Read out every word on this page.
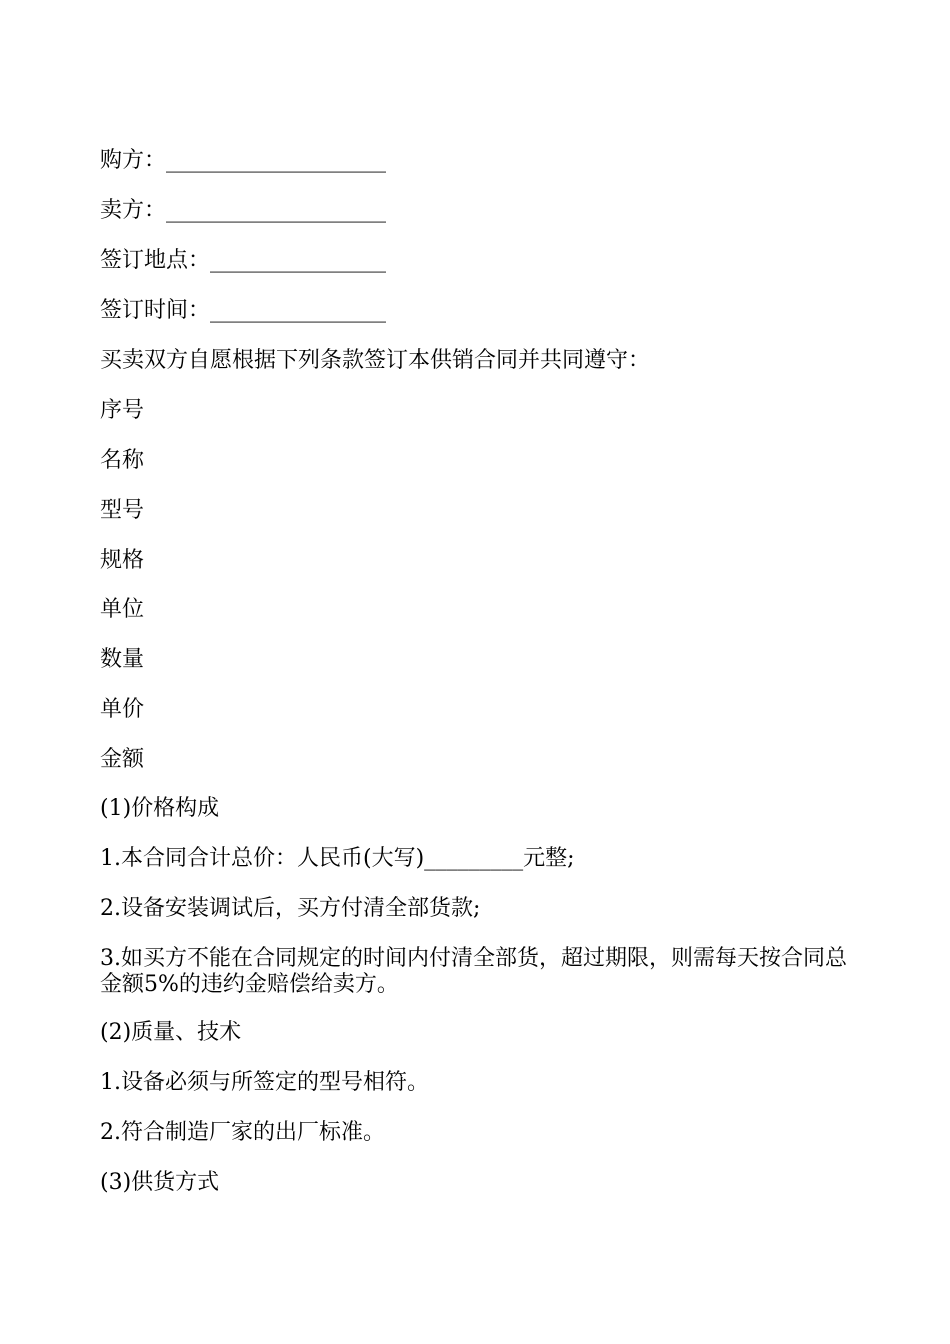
购方：____________________

卖方：____________________

签订地点：________________

签订时间：________________

买卖双方自愿根据下列条款签订本供销合同并共同遵守：

序号

名称

型号

规格

单位

数量

单价

金额

(1)价格构成

1.本合同合计总价：人民币(大写)_________元整;

2.设备安装调试后，买方付清全部货款;

3.如买方不能在合同规定的时间内付清全部货，超过期限，则需每天按合同总金额5%的违约金赔偿给卖方。

(2)质量、技术

1.设备必须与所签定的型号相符。

2.符合制造厂家的出厂标准。

(3)供货方式
